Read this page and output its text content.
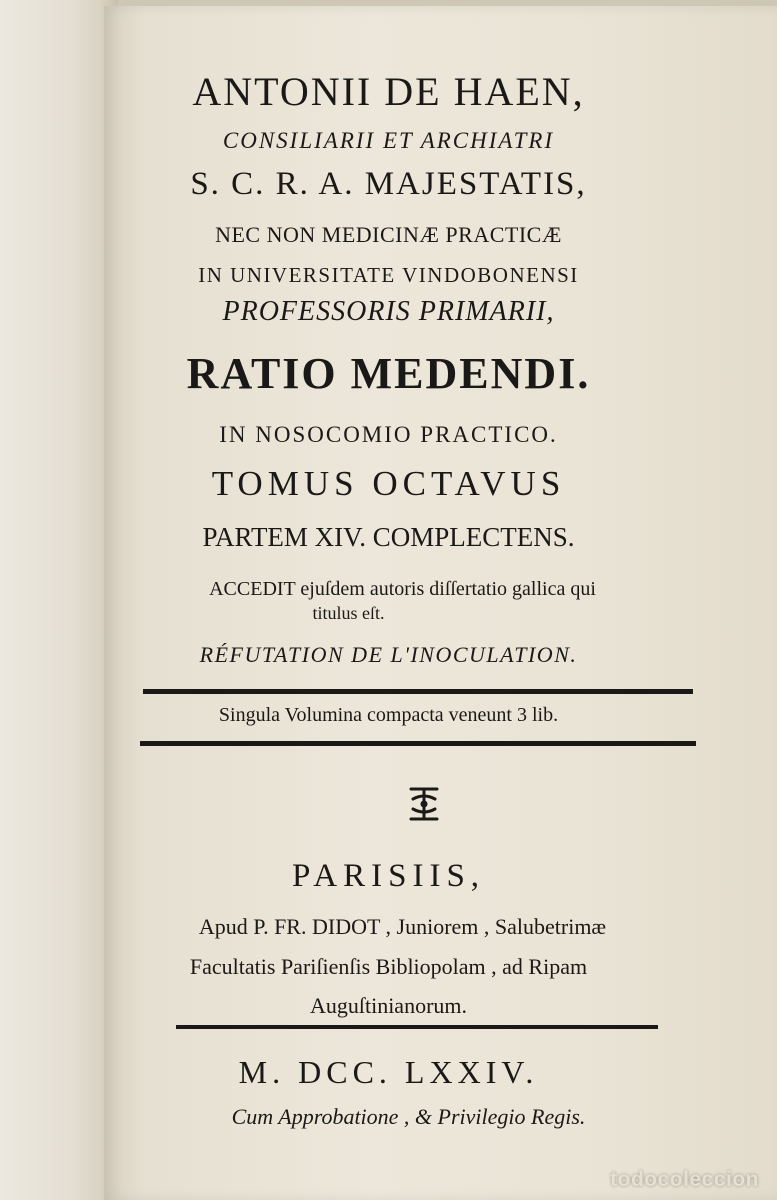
ANTONII DE HAEN,
CONSILIARII ET ARCHIATRI
S. C. R. A. MAJESTATIS,
NEC NON MEDICINÆ PRACTICÆ
IN UNIVERSITATE VINDOBONENSI
PROFESSORIS PRIMARII,
RATIO MEDENDI.
IN NOSOCOMIO PRACTICO.
TOMUS OCTAVUS
PARTEM XIV. COMPLECTENS.
ACCEDIT ejuſdem autoris diſſertatio gallica qui
titulus eſt.
RÉFUTATION DE L'INOCULATION.
Singula Volumina compacta veneunt 3 lib.
PARISIIS,
Apud P. FR. DIDOT , Juniorem , Salubetrimæ
Facultatis Pariſienſis Bibliopolam , ad Ripam
Auguſtinianorum.
M. DCC. LXXIV.
Cum Approbatione , & Privilegio Regis.
todocoleccion
